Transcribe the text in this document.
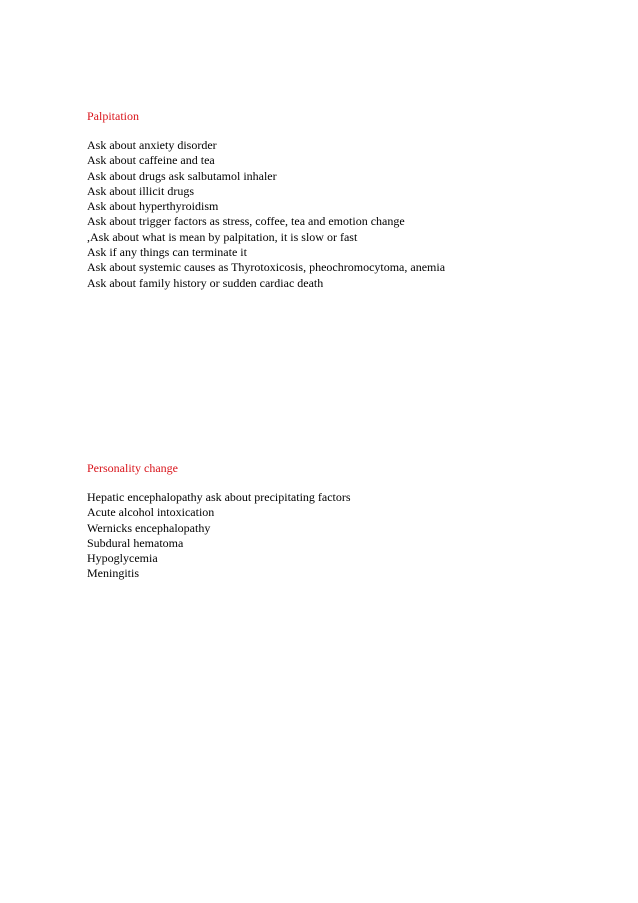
Palpitation
Ask about anxiety disorder
Ask about caffeine and tea
Ask about drugs ask salbutamol inhaler
Ask about illicit drugs
Ask about hyperthyroidism
Ask about trigger factors as stress, coffee, tea and emotion change
,Ask about what is mean by palpitation, it is slow or fast
Ask if any things can terminate it
Ask about systemic causes as Thyrotoxicosis, pheochromocytoma, anemia
Ask about family history or sudden cardiac death
Personality change
Hepatic encephalopathy ask about precipitating factors
Acute alcohol intoxication
Wernicks encephalopathy
Subdural hematoma
Hypoglycemia
Meningitis
